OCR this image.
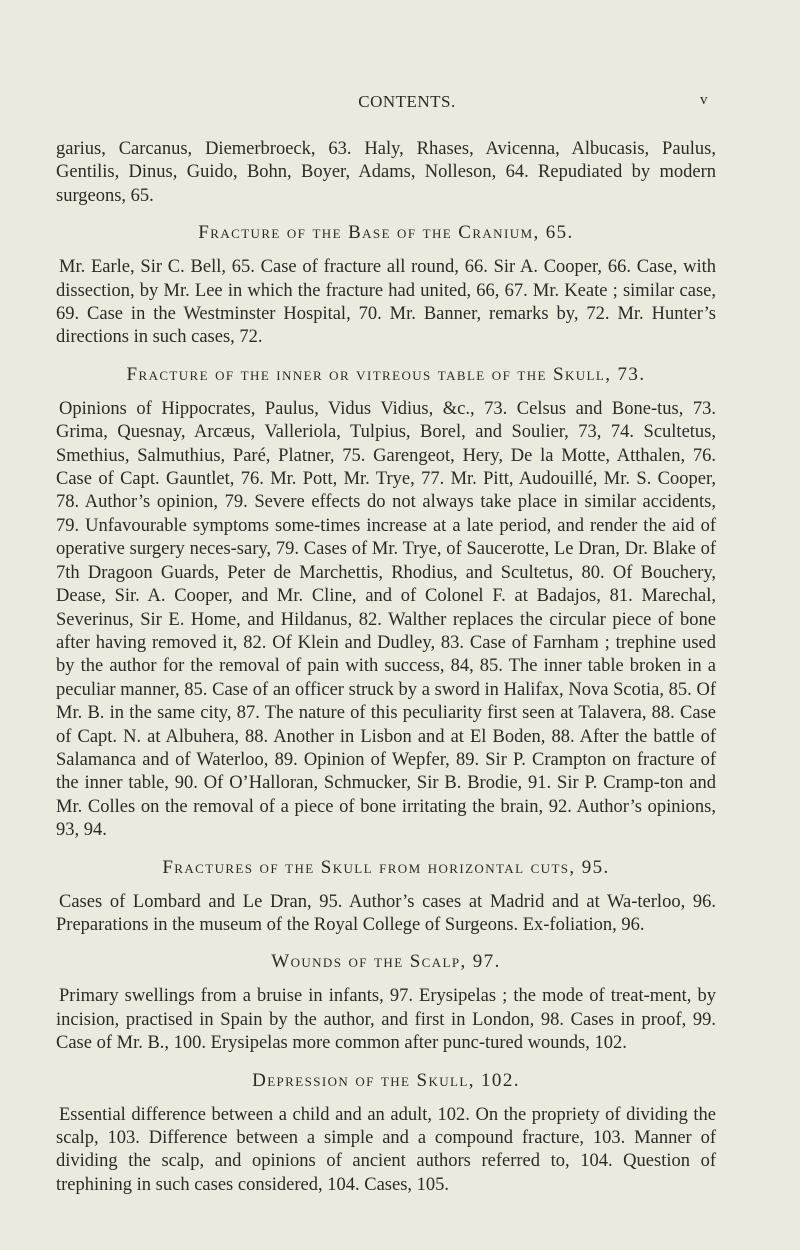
CONTENTS.	v

garius, Carcanus, Diemerbroeck, 63. Haly, Rhases, Avicenna, Albucasis, Paulus, Gentilis, Dinus, Guido, Bohn, Boyer, Adams, Nolleson, 64. Repudiated by modern surgeons, 65.

Fracture of the Base of the Cranium, 65.

Mr. Earle, Sir C. Bell, 65. Case of fracture all round, 66. Sir A. Cooper, 66. Case, with dissection, by Mr. Lee in which the fracture had united, 66, 67. Mr. Keate ; similar case, 69. Case in the Westminster Hospital, 70. Mr. Banner, remarks by, 72. Mr. Hunter’s directions in such cases, 72.

Fracture of the inner or vitreous table of the Skull, 73.

Opinions of Hippocrates, Paulus, Vidus Vidius, &c., 73. Celsus and Bone-tus, 73. Grima, Quesnay, Arcæus, Valleriola, Tulpius, Borel, and Soulier, 73, 74. Scultetus, Smethius, Salmuthius, Paré, Platner, 75. Garengeot, Hery, De la Motte, Atthalen, 76. Case of Capt. Gauntlet, 76. Mr. Pott, Mr. Trye, 77. Mr. Pitt, Audouillé, Mr. S. Cooper, 78. Author’s opinion, 79. Severe effects do not always take place in similar accidents, 79. Unfavourable symptoms some-times increase at a late period, and render the aid of operative surgery neces-sary, 79. Cases of Mr. Trye, of Saucerotte, Le Dran, Dr. Blake of 7th Dragoon Guards, Peter de Marchettis, Rhodius, and Scultetus, 80. Of Bouchery, Dease, Sir. A. Cooper, and Mr. Cline, and of Colonel F. at Badajos, 81. Marechal, Severinus, Sir E. Home, and Hildanus, 82. Walther replaces the circular piece of bone after having removed it, 82. Of Klein and Dudley, 83. Case of Farnham ; trephine used by the author for the removal of pain with success, 84, 85. The inner table broken in a peculiar manner, 85. Case of an officer struck by a sword in Halifax, Nova Scotia, 85. Of Mr. B. in the same city, 87. The nature of this peculiarity first seen at Talavera, 88. Case of Capt. N. at Albuhera, 88. Another in Lisbon and at El Boden, 88. After the battle of Salamanca and of Waterloo, 89. Opinion of Wepfer, 89. Sir P. Crampton on fracture of the inner table, 90. Of O’Halloran, Schmucker, Sir B. Brodie, 91. Sir P. Cramp-ton and Mr. Colles on the removal of a piece of bone irritating the brain, 92. Author’s opinions, 93, 94.

Fractures of the Skull from horizontal cuts, 95.

Cases of Lombard and Le Dran, 95. Author’s cases at Madrid and at Wa-terloo, 96. Preparations in the museum of the Royal College of Surgeons. Ex-foliation, 96.

Wounds of the Scalp, 97.

Primary swellings from a bruise in infants, 97. Erysipelas ; the mode of treat-ment, by incision, practised in Spain by the author, and first in London, 98. Cases in proof, 99. Case of Mr. B., 100. Erysipelas more common after punc-tured wounds, 102.

Depression of the Skull, 102.

Essential difference between a child and an adult, 102. On the propriety of dividing the scalp, 103. Difference between a simple and a compound fracture, 103. Manner of dividing the scalp, and opinions of ancient authors referred to, 104. Question of trephining in such cases considered, 104. Cases, 105.
